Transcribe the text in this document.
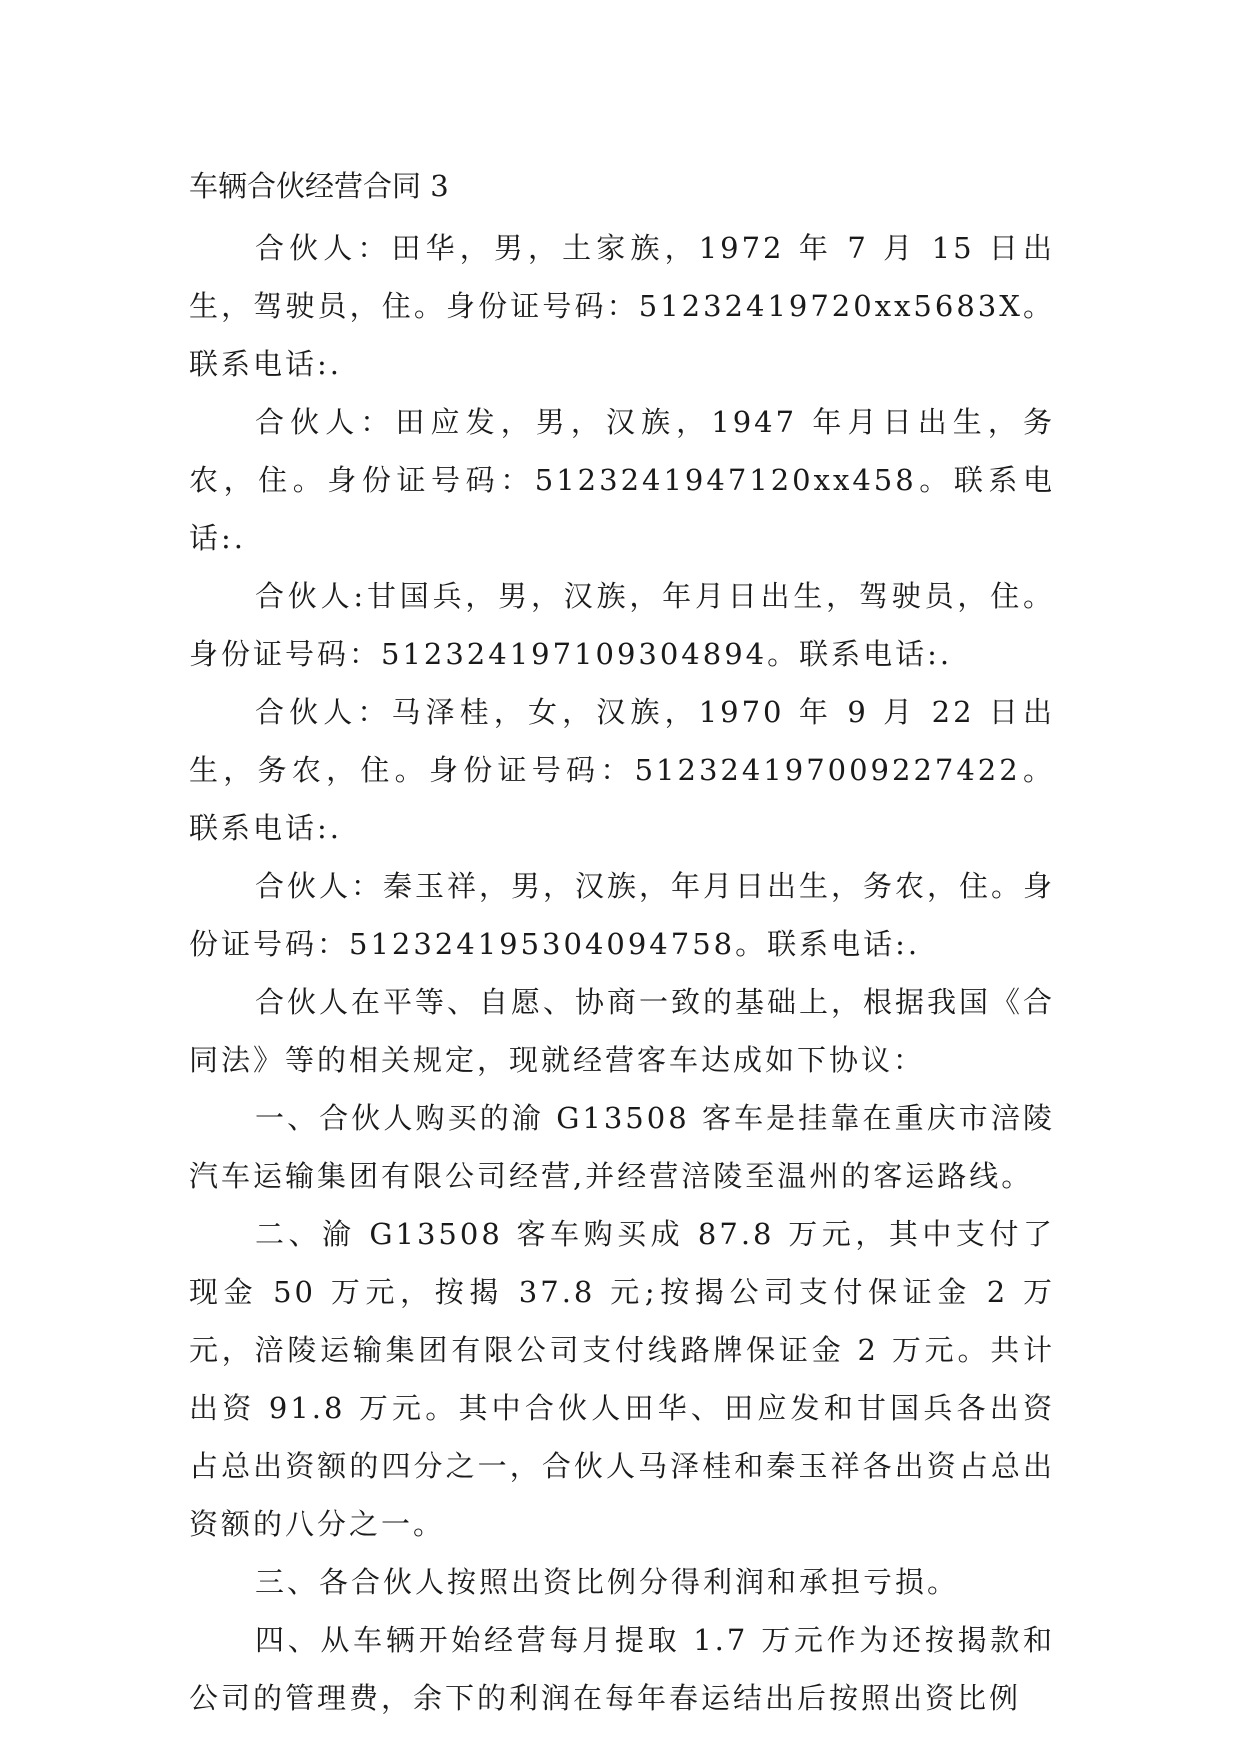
车辆合伙经营合同 3

合伙人：田华，男，土家族，1972 年 7 月 15 日出生，驾驶员，住。身份证号码：51232419720xx5683X。联系电话:.

合伙人：田应发，男，汉族，1947 年月日出生，务农，住。身份证号码：5123241947120xx458。联系电话:.

合伙人:甘国兵，男，汉族，年月日出生，驾驶员，住。身份证号码：512324197109304894。联系电话:.

合伙人：马泽桂，女，汉族，1970 年 9 月 22 日出生，务农，住。身份证号码：512324197009227422。联系电话:.

合伙人：秦玉祥，男，汉族，年月日出生，务农，住。身份证号码：512324195304094758。联系电话:.

合伙人在平等、自愿、协商一致的基础上，根据我国《合同法》等的相关规定，现就经营客车达成如下协议：

一、合伙人购买的渝 G13508 客车是挂靠在重庆市涪陵汽车运输集团有限公司经营,并经营涪陵至温州的客运路线。

二、渝 G13508 客车购买成 87.8 万元，其中支付了现金 50 万元，按揭 37.8 元;按揭公司支付保证金 2 万元，涪陵运输集团有限公司支付线路牌保证金 2 万元。共计出资 91.8 万元。其中合伙人田华、田应发和甘国兵各出资占总出资额的四分之一，合伙人马泽桂和秦玉祥各出资占总出资额的八分之一。

三、各合伙人按照出资比例分得利润和承担亏损。

四、从车辆开始经营每月提取 1.7 万元作为还按揭款和公司的管理费，余下的利润在每年春运结出后按照出资比例
